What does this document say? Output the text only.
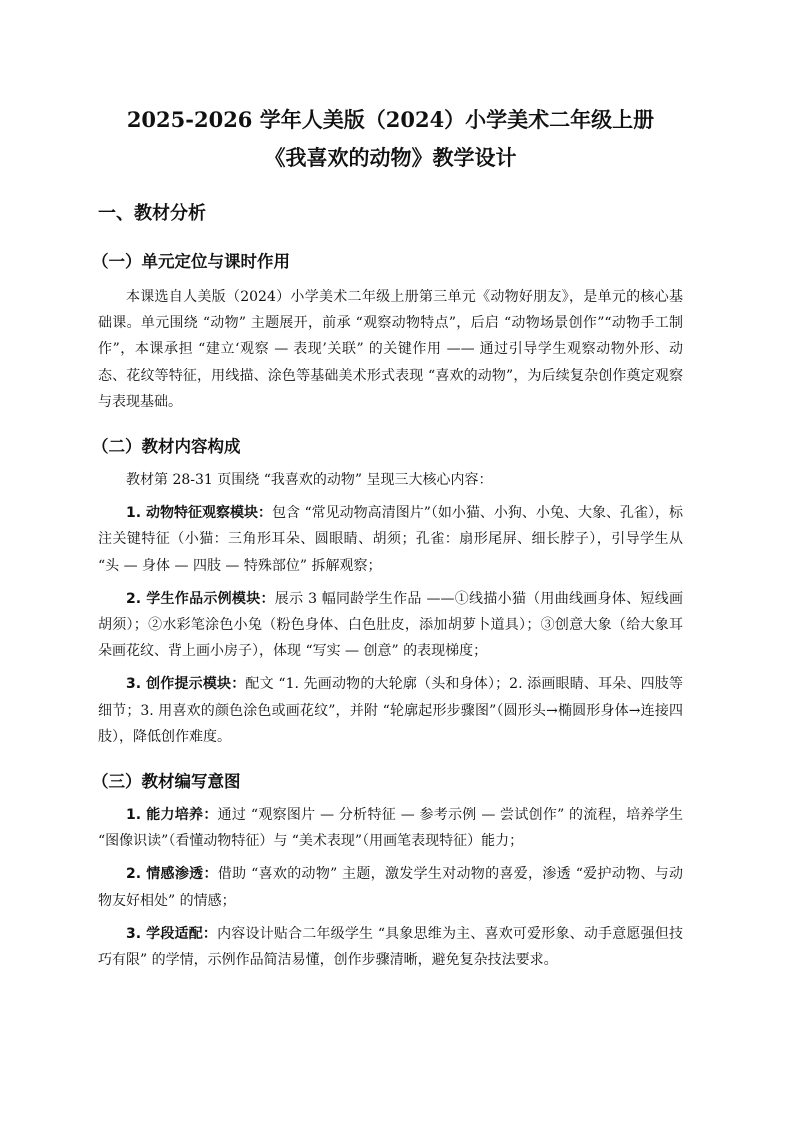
2025-2026 学年人美版（2024）小学美术二年级上册
《我喜欢的动物》教学设计
一、教材分析
（一）单元定位与课时作用

本课选自人美版（2024）小学美术二年级上册第三单元《动物好朋友》，是单元的核心基础课。单元围绕 “动物” 主题展开，前承 “观察动物特点”，后启 “动物场景创作”“动物手工制作”，本课承担 “建立‘观察 — 表现’关联” 的关键作用 —— 通过引导学生观察动物外形、动态、花纹等特征，用线描、涂色等基础美术形式表现 “喜欢的动物”，为后续复杂创作奠定观察与表现基础。

（二）教材内容构成

教材第 28-31 页围绕 “我喜欢的动物” 呈现三大核心内容：

1. 动物特征观察模块：包含 “常见动物高清图片”（如小猫、小狗、小兔、大象、孔雀），标注关键特征（小猫：三角形耳朵、圆眼睛、胡须；孔雀：扇形尾屏、细长脖子），引导学生从 “头 — 身体 — 四肢 — 特殊部位” 拆解观察；

2. 学生作品示例模块：展示 3 幅同龄学生作品 ——①线描小猫（用曲线画身体、短线画胡须）；②水彩笔涂色小兔（粉色身体、白色肚皮，添加胡萝卜道具）；③创意大象（给大象耳朵画花纹、背上画小房子），体现 “写实 — 创意” 的表现梯度；

3. 创作提示模块：配文 “1. 先画动物的大轮廓（头和身体）；2. 添画眼睛、耳朵、四肢等细节；3. 用喜欢的颜色涂色或画花纹”，并附 “轮廓起形步骤图”（圆形头→椭圆形身体→连接四肢），降低创作难度。

（三）教材编写意图

1. 能力培养：通过 “观察图片 — 分析特征 — 参考示例 — 尝试创作” 的流程，培养学生 “图像识读”（看懂动物特征）与 “美术表现”（用画笔表现特征）能力；

2. 情感渗透：借助 “喜欢的动物” 主题，激发学生对动物的喜爱，渗透 “爱护动物、与动物友好相处” 的情感；

3. 学段适配：内容设计贴合二年级学生 “具象思维为主、喜欢可爱形象、动手意愿强但技巧有限” 的学情，示例作品简洁易懂，创作步骤清晰，避免复杂技法要求。
